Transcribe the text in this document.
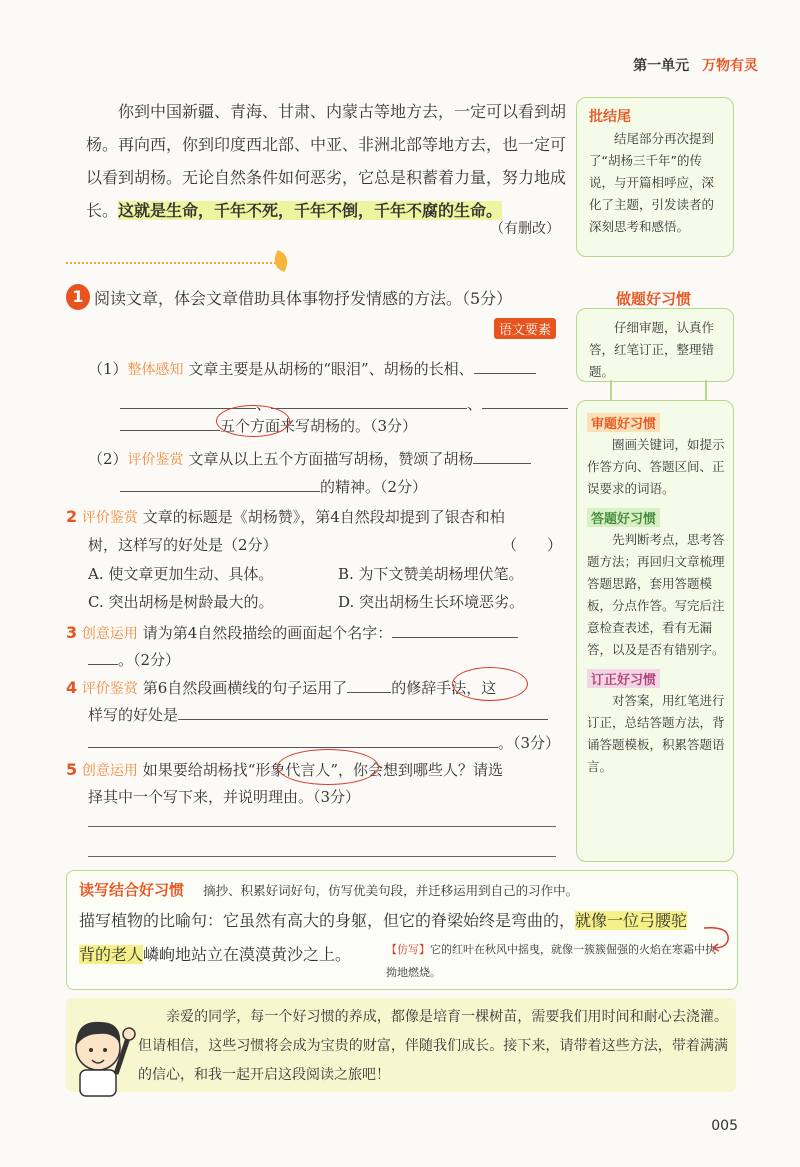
第一单元 万物有灵
你到中国新疆、青海、甘肃、内蒙古等地方去，一定可以看到胡杨。再向西，你到印度西北部、中亚、非洲北部等地方去，也一定可以看到胡杨。无论自然条件如何恶劣，它总是积蓄着力量，努力地成长。这就是生命，千年不死，千年不倒，千年不腐的生命。
（有删改）
批结尾
结尾部分再次提到了“胡杨三千年”的传说，与开篇相呼应，深化了主题，引发读者的深刻思考和感悟。
1 阅读文章，体会文章借助具体事物抒发情感的方法。（5分）
语文要素
（1）整体感知 文章主要是从胡杨的“眼泪”、胡杨的长相、
、	、
五个方面来写胡杨的。（3分）
（2）评价鉴赏 文章从以上五个方面描写胡杨，赞颂了胡杨
的精神。（2分）
2 评价鉴赏 文章的标题是《胡杨赞》，第4自然段却提到了银杏和柏
树，这样写的好处是（2分）	（　　）
A. 使文章更加生动、具体。	B. 为下文赞美胡杨埋伏笔。
C. 突出胡杨是树龄最大的。	D. 突出胡杨生长环境恶劣。
3 创意运用 请为第4自然段描绘的画面起个名字：
。（2分）
4 评价鉴赏 第6自然段画横线的句子运用了	的修辞手法，这
样写的好处是
。（3分）
5 创意运用 如果要给胡杨找“形象代言人”，你会想到哪些人？请选
择其中一个写下来，并说明理由。（3分）
做题好习惯
仔细审题，认真作答，红笔订正，整理错题。
审题好习惯
圈画关键词，如提示作答方向、答题区间、正误要求的词语。
答题好习惯
先判断考点，思考答题方法；再回归文章梳理答题思路，套用答题模板，分点作答。写完后注意检查表述，看有无漏答，以及是否有错别字。
订正好习惯
对答案，用红笔进行订正，总结答题方法，背诵答题模板，积累答题语言。
读写结合好习惯 摘抄、积累好词好句，仿写优美句段，并迁移运用到自己的习作中。
描写植物的比喻句：它虽然有高大的身躯，但它的脊梁始终是弯曲的，就像一位弓腰驼
背的老人嶙峋地站立在漠漠黄沙之上。	【仿写】它的红叶在秋风中摇曳，就像一簇簇倔强的火焰在寒霜中执拗地燃烧。
亲爱的同学，每一个好习惯的养成，都像是培育一棵树苗，需要我们用时间和耐心去浇灌。但请相信，这些习惯将会成为宝贵的财富，伴随我们成长。接下来，请带着这些方法，带着满满的信心，和我一起开启这段阅读之旅吧！
005
